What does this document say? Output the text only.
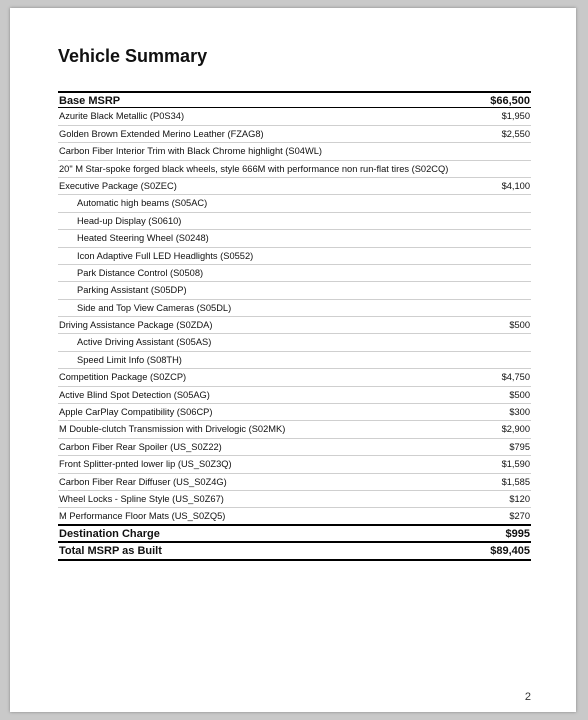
Vehicle Summary
Base MSRP	$66,500
Azurite Black Metallic (P0S34)	$1,950
Golden Brown Extended Merino Leather (FZAG8)	$2,550
Carbon Fiber Interior Trim with Black Chrome highlight (S04WL)
20" M Star-spoke forged black wheels, style 666M with performance non run-flat tires (S02CQ)
Executive Package (S0ZEC)	$4,100
Automatic high beams (S05AC)
Head-up Display (S0610)
Heated Steering Wheel (S0248)
Icon Adaptive Full LED Headlights (S0552)
Park Distance Control (S0508)
Parking Assistant (S05DP)
Side and Top View Cameras (S05DL)
Driving Assistance Package (S0ZDA)	$500
Active Driving Assistant (S05AS)
Speed Limit Info (S08TH)
Competition Package (S0ZCP)	$4,750
Active Blind Spot Detection (S05AG)	$500
Apple CarPlay Compatibility (S06CP)	$300
M Double-clutch Transmission with Drivelogic (S02MK)	$2,900
Carbon Fiber Rear Spoiler (US_S0Z22)	$795
Front Splitter-pnted lower lip (US_S0Z3Q)	$1,590
Carbon Fiber Rear Diffuser (US_S0Z4G)	$1,585
Wheel Locks - Spline Style (US_S0Z67)	$120
M Performance Floor Mats (US_S0ZQ5)	$270
Destination Charge	$995
Total MSRP as Built	$89,405
2
